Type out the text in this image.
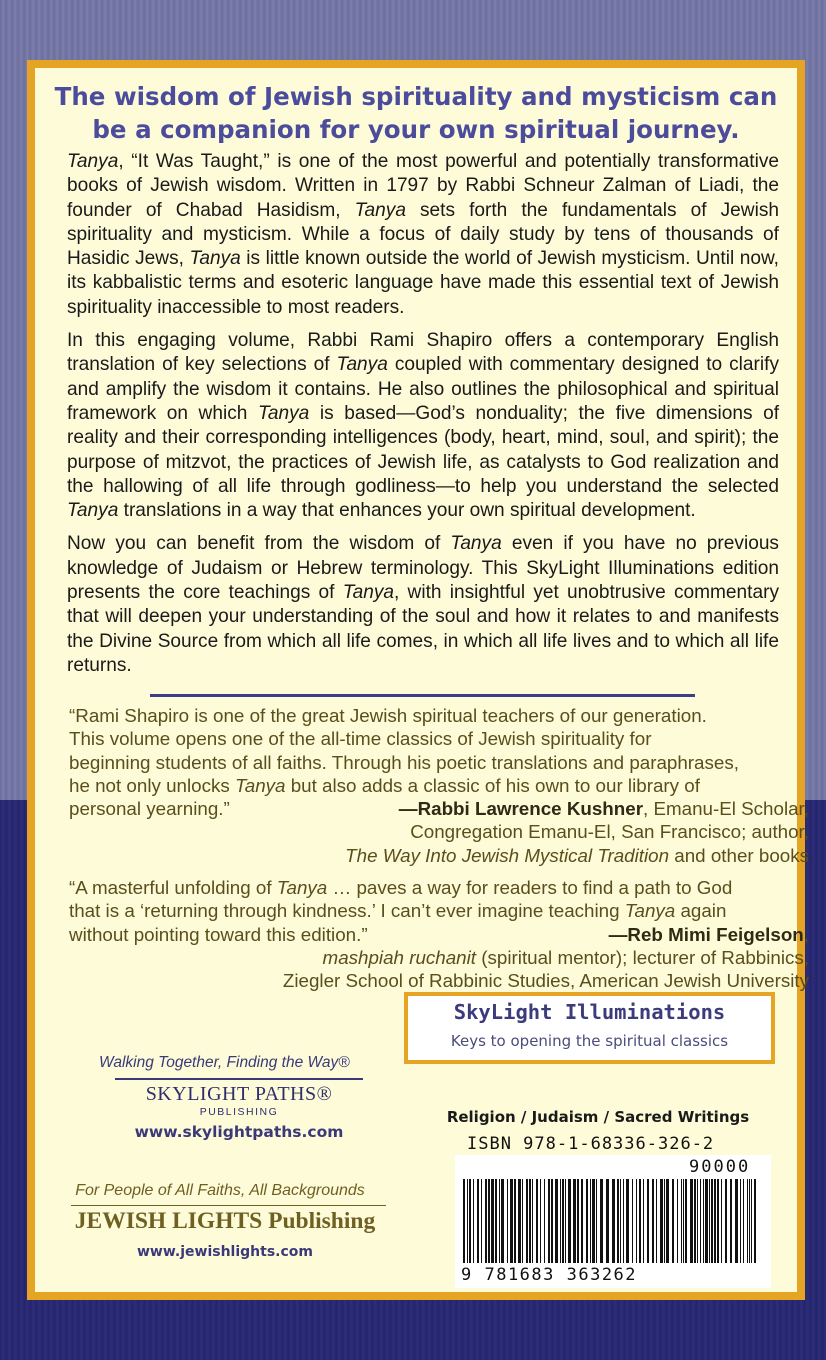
The wisdom of Jewish spirituality and mysticism can
be a companion for your own spiritual journey.

Tanya, “It Was Taught,” is one of the most powerful and potentially transformative books of Jewish wisdom. Written in 1797 by Rabbi Schneur Zalman of Liadi, the founder of Chabad Hasidism, Tanya sets forth the fundamentals of Jewish spirituality and mysticism. While a focus of daily study by tens of thousands of Hasidic Jews, Tanya is little known outside the world of Jewish mysticism. Until now, its kabbalistic terms and esoteric language have made this essential text of Jewish spirituality inaccessible to most readers.

In this engaging volume, Rabbi Rami Shapiro offers a contemporary English translation of key selections of Tanya coupled with commentary designed to clarify and amplify the wisdom it contains. He also outlines the philosophical and spiritual framework on which Tanya is based—God’s nonduality; the five dimensions of reality and their corresponding intelligences (body, heart, mind, soul, and spirit); the purpose of mitzvot, the practices of Jewish life, as catalysts to God realization and the hallowing of all life through godliness—to help you understand the selected Tanya translations in a way that enhances your own spiritual development.

Now you can benefit from the wisdom of Tanya even if you have no previous knowledge of Judaism or Hebrew terminology. This SkyLight Illuminations edition presents the core teachings of Tanya, with insightful yet unobtrusive commentary that will deepen your understanding of the soul and how it relates to and manifests the Divine Source from which all life comes, in which all life lives and to which all life returns.

“Rami Shapiro is one of the great Jewish spiritual teachers of our generation.
This volume opens one of the all-time classics of Jewish spirituality for
beginning students of all faiths. Through his poetic translations and paraphrases,
he not only unlocks Tanya but also adds a classic of his own to our library of
personal yearning.”	—Rabbi Lawrence Kushner, Emanu-El Scholar,
Congregation Emanu-El, San Francisco; author,
The Way Into Jewish Mystical Tradition and other books
“A masterful unfolding of Tanya … paves a way for readers to find a path to God
that is a ‘returning through kindness.’ I can’t ever imagine teaching Tanya again
without pointing toward this edition.”	—Reb Mimi Feigelson,
mashpiah ruchanit (spiritual mentor); lecturer of Rabbinics,
Ziegler School of Rabbinic Studies, American Jewish University
SkyLight Illuminations
Keys to opening the spiritual classics
Walking Together, Finding the Way®
SKYLIGHT PATHS®
PUBLISHING
www.skylightpaths.com
Religion / Judaism / Sacred Writings
ISBN 978-1-68336-326-2
90000
9 781683 363262
For People of All Faiths, All Backgrounds
JEWISH LIGHTS Publishing
www.jewishlights.com
